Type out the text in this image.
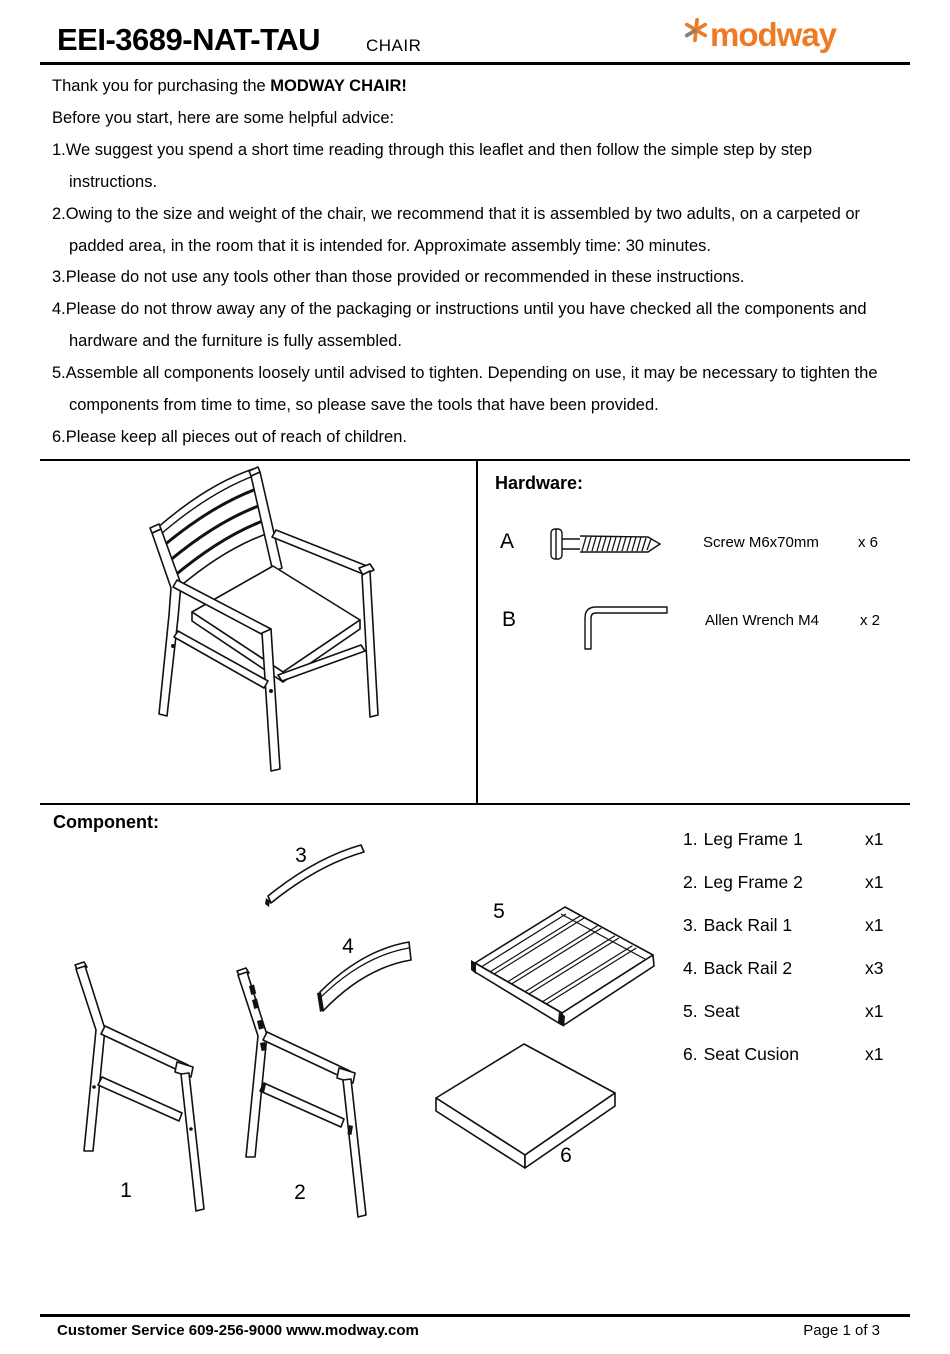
EEI-3689-NAT-TAU	CHAIR	modway

Thank you for purchasing the MODWAY CHAIR!

Before you start, here are some helpful advice:

1.We suggest you spend a short time reading through this leaflet and then follow the simple step by step instructions.

2.Owing to the size and weight of the chair, we recommend that it is assembled by two adults, on a carpeted or padded area, in the room that it is intended for. Approximate assembly time: 30 minutes.

3.Please do not use any tools other than those provided or recommended in these instructions.

4.Please do not throw away any of the packaging or instructions until you have checked all the components and hardware and the furniture is fully assembled.

5.Assemble all components loosely until advised to tighten. Depending on use, it may be necessary to tighten the components from time to time, so please save the tools that have been provided.

6.Please keep all pieces out of reach of children.

Hardware:
A	Screw M6x70mm	x 6
B	Allen Wrench M4	x 2
Component:
1	2
3
4
5
6
1. Leg Frame 1	x1
2. Leg Frame 2	x1
3. Back Rail 1	x1
4. Back Rail 2	x3
5. Seat	x1
6. Seat Cusion	x1
Customer Service 609-256-9000 www.modway.com	Page 1 of 3
